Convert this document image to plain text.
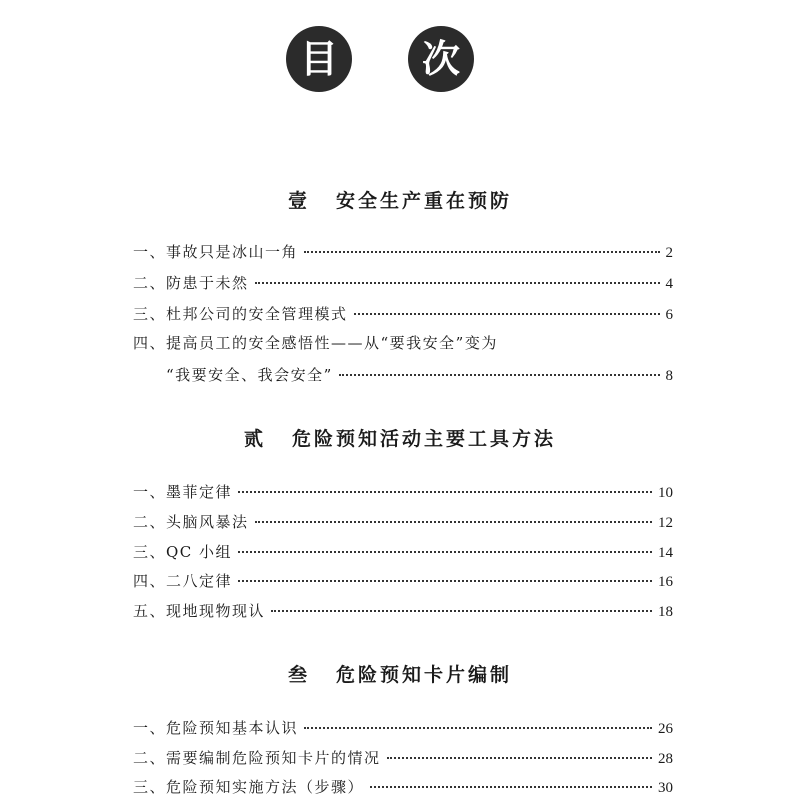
目	次
壹 安全生产重在预防
一、事故只是冰山一角	2
二、防患于未然	4
三、杜邦公司的安全管理模式	6
四、提高员工的安全感悟性——从“要我安全”变为
“我要安全、我会安全”	8
贰 危险预知活动主要工具方法
一、墨菲定律	10
二、头脑风暴法	12
三、QC 小组	14
四、二八定律	16
五、现地现物现认	18
叁 危险预知卡片编制
一、危险预知基本认识	26
二、需要编制危险预知卡片的情况	28
三、危险预知实施方法（步骤）	30
